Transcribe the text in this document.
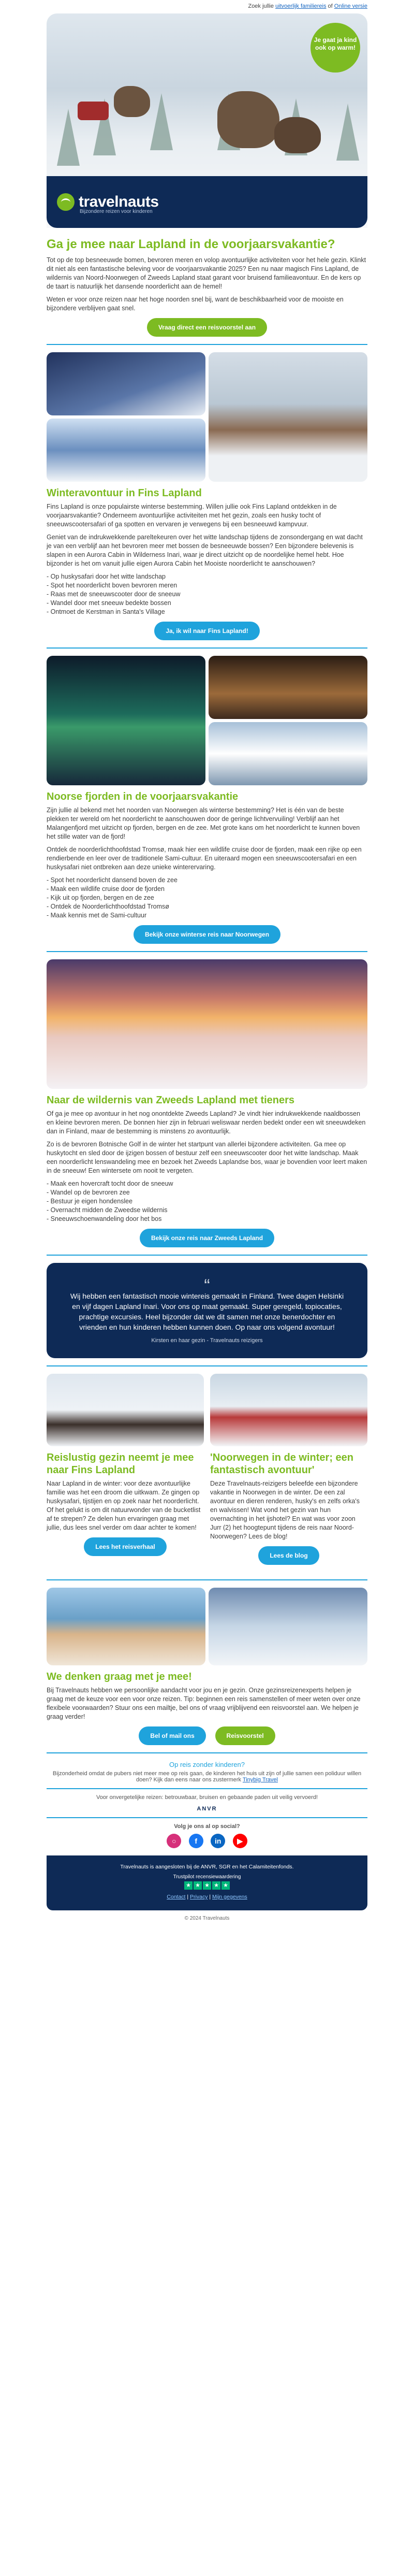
Zoek jullie uitvoerlijk familiereis of Online versie
Je gaat ja kind ook op warm!
travelnauts
Bijzondere reizen voor kinderen
Ga je mee naar Lapland in de voorjaarsvakantie?

Tot op de top besneeuwde bomen, bevroren meren en volop avontuurlijke activiteiten voor het hele gezin. Klinkt dit niet als een fantastische beleving voor de voorjaarsvakantie 2025? Een nu naar magisch Fins Lapland, de wildernis van Noord-Noorwegen of Zweeds Lapland staat garant voor bruisend familieavontuur. En de kers op de taart is natuurlijk het dansende noorderlicht aan de hemel!

Weten er voor onze reizen naar het hoge noorden snel bij, want de beschikbaarheid voor de mooiste en bijzondere verblijven gaat snel.

Vraag direct een reisvoorstel aan
Winteravontuur in Fins Lapland

Fins Lapland is onze populairste winterse bestemming. Willen jullie ook Fins Lapland ontdekken in de voorjaarsvakantie? Onderneem avontuurlijke activiteiten met het gezin, zoals een husky tocht of sneeuwscootersafari of ga spotten en vervaren je verwegens bij een besneeuwd kampvuur.

Geniet van de indrukwekkende pareltekeuren over het witte landschap tijdens de zonsondergang en wat dacht je van een verblijf aan het bevroren meer met bossen de besneeuwde bossen? Een bijzondere belevenis is slapen in een Aurora Cabin in Wilderness Inari, waar je direct uitzicht op de noordelijke hemel hebt. Hoe bijzonder is het om vanuit jullie eigen Aurora Cabin het Mooiste noorderlicht te aanschouwen?

- Op huskysafari door het witte landschap
- Spot het noorderlicht boven bevroren meren
- Raas met de sneeuwscooter door de sneeuw
- Wandel door met sneeuw bedekte bossen
- Ontmoet de Kerstman in Santa's Village
Ja, ik wil naar Fins Lapland!
Noorse fjorden in de voorjaarsvakantie

Zijn jullie al bekend met het noorden van Noorwegen als winterse bestemming? Het is één van de beste plekken ter wereld om het noorderlicht te aanschouwen door de geringe lichtvervuiling! Verblijf aan het Malangenfjord met uitzicht op fjorden, bergen en de zee. Met grote kans om het noorderlicht te kunnen boven het stille water van de fjord!

Ontdek de noorderlichthoofdstad Tromsø, maak hier een wildlife cruise door de fjorden, maak een rijke op een rendierbende en leer over de traditionele Sami-cultuur. En uiteraard mogen een sneeuwscootersafari en een huskysafari niet ontbreken aan deze unieke winterervaring.

- Spot het noorderlicht dansend boven de zee
- Maak een wildlife cruise door de fjorden
- Kijk uit op fjorden, bergen en de zee
- Ontdek de Noorderlichthoofdstad Tromsø
- Maak kennis met de Sami-cultuur
Bekijk onze winterse reis naar Noorwegen
Naar de wildernis van Zweeds Lapland met tieners

Of ga je mee op avontuur in het nog onontdekte Zweeds Lapland? Je vindt hier indrukwekkende naaldbossen en kleine bevroren meren. De bonnen hier zijn in februari weliswaar nerden bedekt onder een wit sneeuwdeken dan in Finland, maar de bestemming is minstens zo avontuurlijk.

Zo is de bevroren Botnische Golf in de winter het startpunt van allerlei bijzondere activiteiten. Ga mee op huskytocht en sled door de ijzigen bossen of bestuur zelf een sneeuwscooter door het witte landschap. Maak een noorderlicht lenswandeling mee en bezoek het Zweeds Laplandse bos, waar je bovendien voor leert maken in de sneeuw! Een wintersete om nooit te vergeten.

- Maak een hovercraft tocht door de sneeuw
- Wandel op de bevroren zee
- Bestuur je eigen hondenslee
- Overnacht midden de Zweedse wildernis
- Sneeuwschoenwandeling door het bos
Bekijk onze reis naar Zweeds Lapland
“

Wij hebben een fantastisch mooie wintereis gemaakt in Finland. Twee dagen Helsinki en vijf dagen Lapland Inari. Voor ons op maat gemaakt. Super geregeld, topiocaties, prachtige excursies. Heel bijzonder dat we dit samen met onze benerdochter en vrienden en hun kinderen hebben kunnen doen. Op naar ons volgend avontuur!

Kirsten en haar gezin - Travelnauts reizigers
Reislustig gezin neemt je mee naar Fins Lapland

Naar Lapland in de winter: voor deze avontuurlijke familie was het een droom die uitkwam. Ze gingen op huskysafari, tijstijen en op zoek naar het noorderlicht. Of het gelukt is om dit natuurwonder van de bucketlist af te strepen? Ze delen hun ervaringen graag met jullie, dus lees snel verder om daar achter te komen!

Lees het reisverhaal
'Noorwegen in de winter; een fantastisch avontuur'

Deze Travelnauts-reizigers beleefde een bijzondere vakantie in Noorwegen in de winter. De een zal avontuur en dieren renderen, husky's en zelfs orka's en walvissen! Wat vond het gezin van hun overnachting in het ijshotel? En wat was voor zoon Jurr (2) het hoogtepunt tijdens de reis naar Noord-Noorwegen? Lees de blog!

Lees de blog
We denken graag met je mee!

Bij Travelnauts hebben we persoonlijke aandacht voor jou en je gezin. Onze gezinsreizenexperts helpen je graag met de keuze voor een voor onze reizen. Tip: beginnen een reis samenstellen of meer weten over onze flexibele voorwaarden? Stuur ons een mailtje, bel ons of vraag vrijblijvend een reisvoorstel aan. We helpen je graag verder!

Bel of mail ons	Reisvoorstel
Op reis zonder kinderen?
Bijzonderheid omdat de pubers niet meer mee op reis gaan, de kinderen het huis uit zijn of jullie samen een poliduur willen doen? Kijk dan eens naar ons zustermerk Tinybig Travel
Voor onvergetelijke reizen: betrouwbaar, bruisen en gebaande paden uit veilig vervoerd!
ANVR
Volg je ons al op social?
○	f in ▶
Travelnauts is aangesloten bij de ANVR, SGR en het Calamiteitenfonds.
Trustpilot recensiewaardering
★ ★ ★ ★ ★
Contact | Privacy | Mijn gegevens
© 2024 Travelnauts
